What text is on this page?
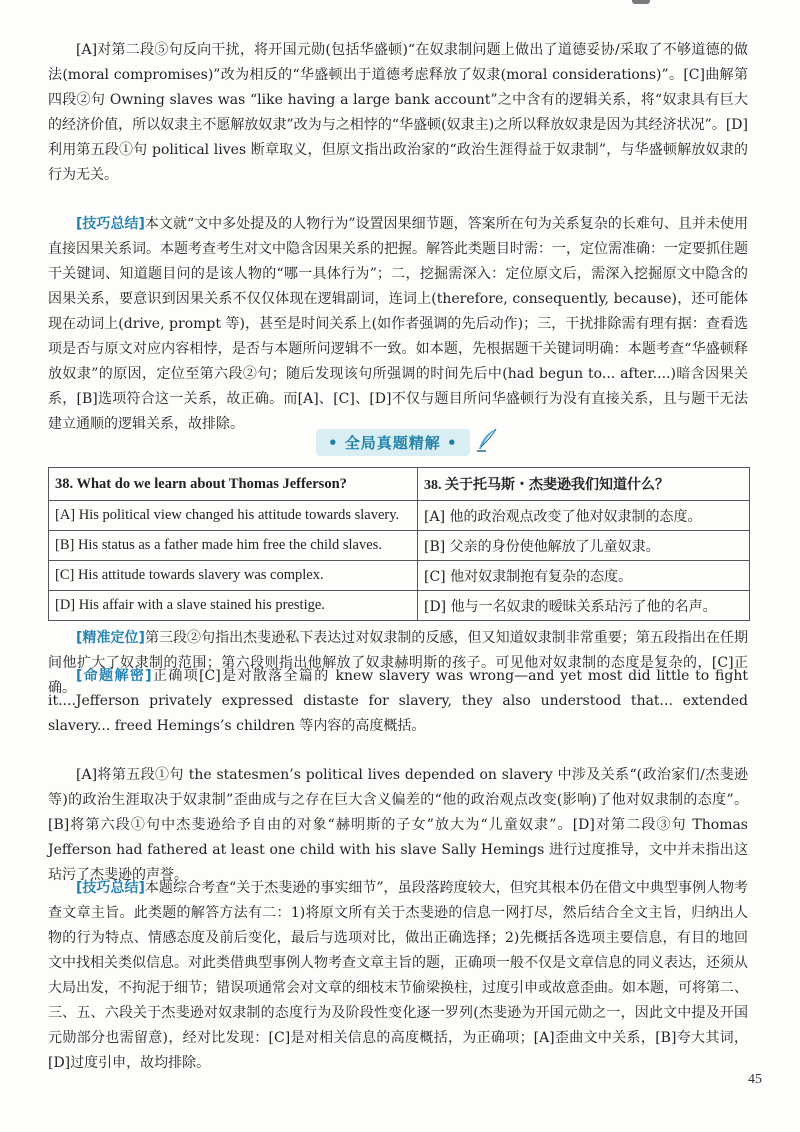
[A]对第二段⑤句反向干扰，将开国元勋(包括华盛顿)“在奴隶制问题上做出了道德妥协/采取了不够道德的做法(moral compromises)”改为相反的“华盛顿出于道德考虑释放了奴隶(moral considerations)”。[C]曲解第四段②句 Owning slaves was “like having a large bank account”之中含有的逻辑关系，将“奴隶具有巨大的经济价值，所以奴隶主不愿解放奴隶”改为与之相悖的“华盛顿(奴隶主)之所以释放奴隶是因为其经济状况”。[D]利用第五段①句 political lives 断章取义，但原文指出政治家的“政治生涯得益于奴隶制”，与华盛顿解放奴隶的行为无关。

[技巧总结]本文就“文中多处提及的人物行为”设置因果细节题，答案所在句为关系复杂的长难句、且并未使用直接因果关系词。本题考查考生对文中隐含因果关系的把握。解答此类题目时需：一，定位需准确：一定要抓住题干关键词、知道题目问的是该人物的“哪一具体行为”；二，挖掘需深入：定位原文后，需深入挖掘原文中隐含的因果关系，要意识到因果关系不仅仅体现在逻辑副词，连词上(therefore, consequently, because)，还可能体现在动词上(drive, prompt 等)，甚至是时间关系上(如作者强调的先后动作)；三，干扰排除需有理有据：查看选项是否与原文对应内容相悖，是否与本题所问逻辑不一致。如本题，先根据题干关键词明确：本题考查“华盛顿释放奴隶”的原因，定位至第六段②句；随后发现该句所强调的时间先后中(had begun to... after....)暗含因果关系，[B]选项符合这一关系，故正确。而[A]、[C]、[D]不仅与题目所问华盛顿行为没有直接关系，且与题干无法建立通顺的逻辑关系，故排除。

• 全局真题精解 •
38. What do we learn about Thomas Jefferson?	38. 关于托马斯・杰斐逊我们知道什么？
[A] His political view changed his attitude towards slavery.	[A] 他的政治观点改变了他对奴隶制的态度。
[B] His status as a father made him free the child slaves.	[B] 父亲的身份使他解放了儿童奴隶。
[C] His attitude towards slavery was complex.	[C] 他对奴隶制抱有复杂的态度。
[D] His affair with a slave stained his prestige.	[D] 他与一名奴隶的暧昧关系玷污了他的名声。

[精准定位]第三段②句指出杰斐逊私下表达过对奴隶制的反感，但又知道奴隶制非常重要；第五段指出在任期间他扩大了奴隶制的范围；第六段则指出他解放了奴隶赫明斯的孩子。可见他对奴隶制的态度是复杂的，[C]正确。

[命题解密]正确项[C]是对散落全篇的 knew slavery was wrong—and yet most did little to fight it....Jefferson privately expressed distaste for slavery, they also understood that... extended slavery... freed Hemings’s children 等内容的高度概括。

[A]将第五段①句 the statesmen’s political lives depended on slavery 中涉及关系“(政治家们/杰斐逊等)的政治生涯取决于奴隶制”歪曲成与之存在巨大含义偏差的“他的政治观点改变(影响)了他对奴隶制的态度”。[B]将第六段①句中杰斐逊给予自由的对象“赫明斯的子女”放大为“儿童奴隶”。[D]对第二段③句 Thomas Jefferson had fathered at least one child with his slave Sally Hemings 进行过度推导，文中并未指出这玷污了杰斐逊的声誉。

[技巧总结]本题综合考查“关于杰斐逊的事实细节”，虽段落跨度较大，但究其根本仍在借文中典型事例人物考查文章主旨。此类题的解答方法有二：1)将原文所有关于杰斐逊的信息一网打尽，然后结合全文主旨，归纳出人物的行为特点、情感态度及前后变化，最后与选项对比，做出正确选择；2)先概括各选项主要信息，有目的地回文中找相关类似信息。对此类借典型事例人物考查文章主旨的题，正确项一般不仅是文章信息的同义表达，还须从大局出发，不拘泥于细节；错误项通常会对文章的细枝末节偷梁换柱，过度引申或故意歪曲。如本题，可将第二、三、五、六段关于杰斐逊对奴隶制的态度行为及阶段性变化逐一罗列(杰斐逊为开国元勋之一，因此文中提及开国元勋部分也需留意)，经对比发现：[C]是对相关信息的高度概括，为正确项；[A]歪曲文中关系，[B]夸大其词，[D]过度引申，故均排除。

45
